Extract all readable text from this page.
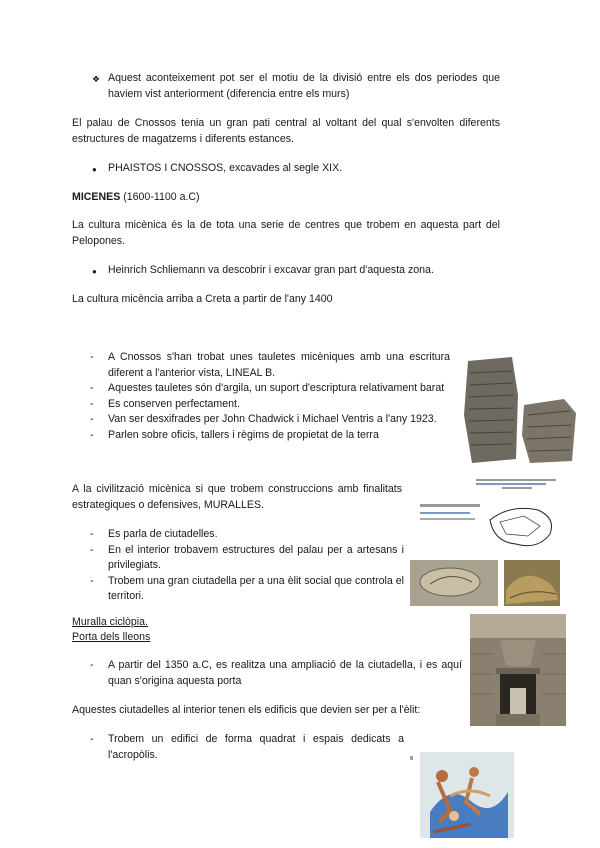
❖ Aquest aconteixement pot ser el motiu de la divisió entre els dos periodes que haviem vist anteriorment (diferencia entre els murs)
El palau de Cnossos tenia un gran pati central al voltant del qual s'envolten diferents estructures de magatzems i diferents estances.
● PHAISTOS I CNOSSOS, excavades al segle XIX.
MICENES (1600-1100 a.C)
La cultura micènica és la de tota una serie de centres que trobem en aquesta part del Pelopones.
● Heinrich Schliemann va descobrir i excavar gran part d'aquesta zona.
La cultura micència arriba a Creta a partir de l'any 1400
- A Cnossos s'han trobat unes tauletes micèniques amb una escritura diferent a l'anterior vista, LINEAL B.
- Aquestes tauletes són d'argila, un suport d'escriptura relativament barat
- Es conserven perfectament.
- Van ser desxifrades per John Chadwick i Michael Ventris a l'any 1923.
- Parlen sobre oficis, tallers i règims de propietat de la terra
A la civilització micènica si que trobem construccions amb finalitats estrategiques o defensives, MURALLES.
- Es parla de ciutadelles.
- En el interior trobavem estructures del palau per a artesans i privilegiats.
- Trobem una gran ciutadella per a una èlit social que controla el territori.
Muralla ciclòpia.
Porta dels lleons
- A partir del 1350 a.C, es realitza una ampliació de la ciutadella, i es aquí quan s'origina aquesta porta
Aquestes ciutadelles al interior tenen els edificis que devien ser per a l'èlit:
- Trobem un edifici de forma quadrat i espais dedicats a l'acropòlis.
